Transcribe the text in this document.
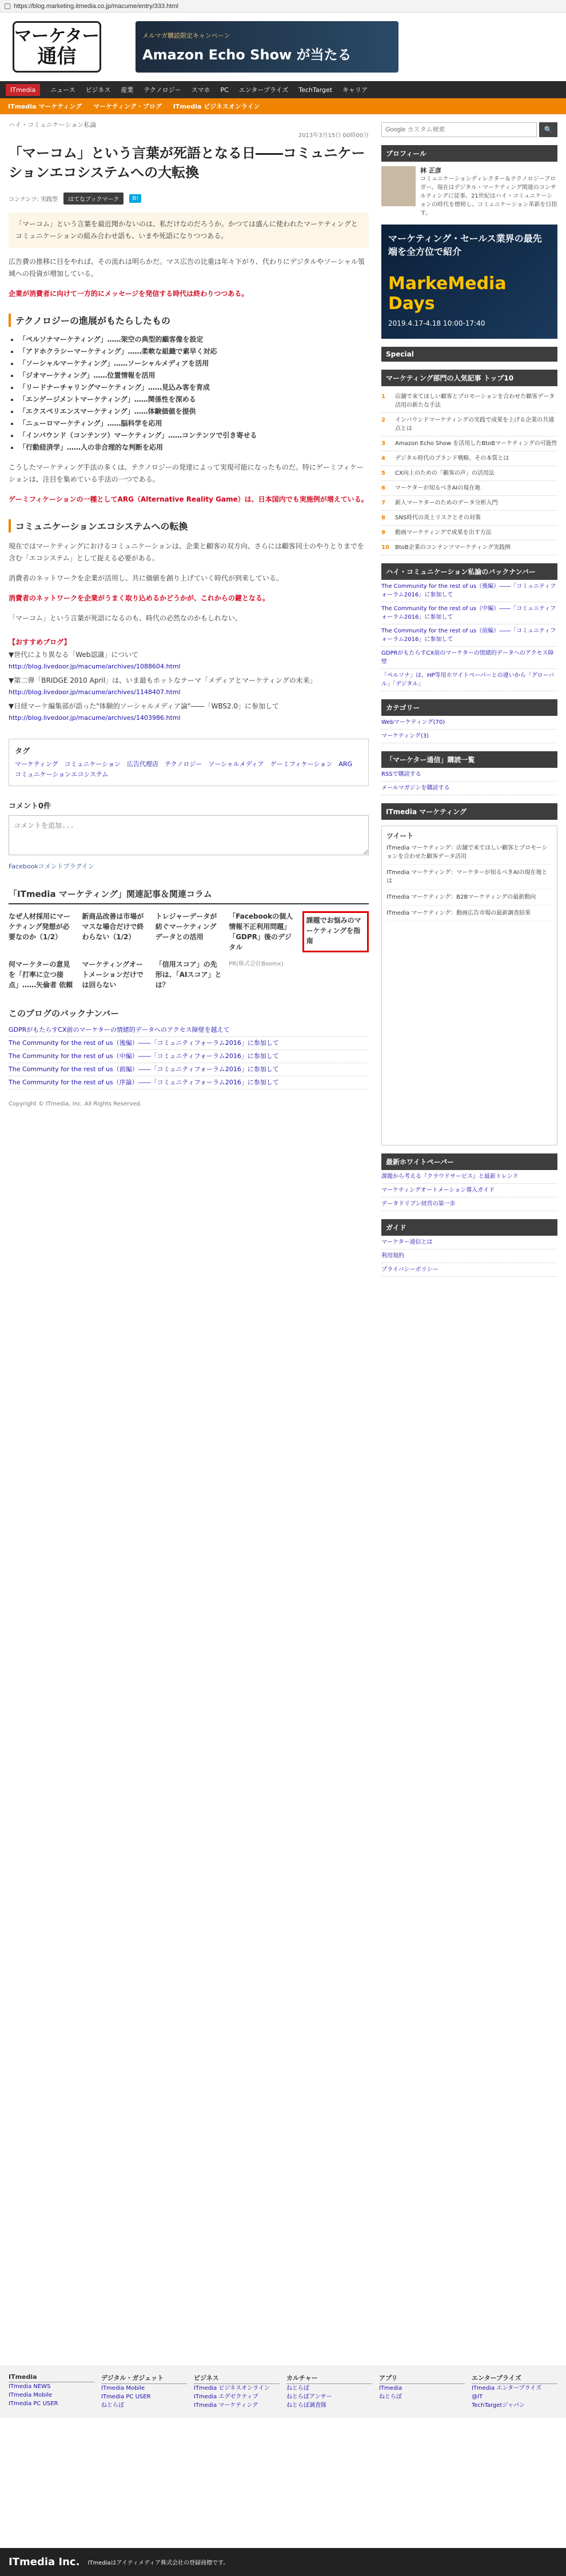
https://blog.marketing.itmedia.co.jp/macume/entry/333.html
マーケター
通信
メルマガ購読限定キャンペーン
Amazon Echo Show が当たる
ITmedia	ニュース ビジネス 産業 テクノロジー スマホ PC エンタープライズ TechTarget キャリア
ITmedia マーケティング マーケティング・ブログ ITmedia ビジネスオンライン
ハイ・コミュニケーション私論
2013年3月15日 00時00分
「マーコム」という言葉が死語となる日――コミュニケーションエコシステムへの大転換
コンテンツ: 実践型	はてなブックマーク	B!

「マーコム」という言葉を最近聞かないのは、私だけなのだろうか。かつては盛んに使われたマーケティングとコミュニケーションの組み合わせ語も、いまや死語になりつつある。

広告費の推移に目をやれば、その流れは明らかだ。マス広告の比重は年々下がり、代わりにデジタルやソーシャル領域への投資が増加している。

企業が消費者に向けて一方的にメッセージを発信する時代は終わりつつある。

テクノロジーの進展がもたらしたもの
• 「ペルソナマーケティング」……架空の典型的顧客像を設定
• 「アドホクラシーマーケティング」……柔軟な組織で素早く対応
• 「ソーシャルマーケティング」……ソーシャルメディアを活用
• 「ジオマーケティング」……位置情報を活用
• 「リードナーチャリングマーケティング」……見込み客を育成
• 「エンゲージメントマーケティング」……関係性を深める
• 「エクスペリエンスマーケティング」……体験価値を提供
• 「ニューロマーケティング」……脳科学を応用
• 「インバウンド（コンテンツ）マーケティング」……コンテンツで引き寄せる
• 「行動経済学」……人の非合理的な判断を応用

こうしたマーケティング手法の多くは、テクノロジーの発達によって実現可能になったものだ。特にゲーミフィケーションは、注目を集めている手法の一つである。

ゲーミフィケーションの一種としてARG（Alternative Reality Game）は、日本国内でも実施例が増えている。

コミュニケーションエコシステムへの転換

現在ではマーケティングにおけるコミュニケーションは、企業と顧客の双方向、さらには顧客同士のやりとりまでを含む「エコシステム」として捉える必要がある。

消費者のネットワークを企業が活用し、共に価値を創り上げていく時代が到来している。

消費者のネットワークを企業がうまく取り込めるかどうかが、これからの鍵となる。

「マーコム」という言葉が死語になるのも、時代の必然なのかもしれない。

【おすすめブログ】
▼世代により異なる「Web認識」について
http://blog.livedoor.jp/macume/archives/1088604.html
▼第二弾「BRIDGE 2010 April」は、いま最もホットなテーマ「メディアとマーケティングの未来」
http://blog.livedoor.jp/macume/archives/1148407.html
▼日経マーケ編集部が語った"体験的ソーシャルメディア論"――「WBS2.0」に参加して
http://blog.livedoor.jp/macume/archives/1403986.html
タグ
マーケティング　コミュニケーション　広告代理店　テクノロジー　ソーシャルメディア　ゲーミフィケーション　ARG　コミュニケーションエコシステム
コメント0件
コメントを追加...
Facebookコメントプラグイン
「ITmedia マーケティング」関連記事＆関連コラム
なぜ人材採用にマーケティング発想が必要なのか（1/2）
新商品改善は市場がマスな場合だけで終わらない（1/2）
トレジャーデータが紡ぐマーケティングデータとの活用
「Facebookの個人情報不正利用問題」「GDPR」後のデジタル
課題でお悩みのマーケティングを指南
何マーケターの意見を「打率に立つ接点」……矢倫者 依頼
マーケティングオートメーションだけでは回らない
「信用スコア」の先形は、「AIスコア」とは？
PR(株式会社Boomx)
このブログのバックナンバー
GDPRがもたらすCX前のマーケターの情緒的データへのアクセス障壁を越えて
The Community for the rest of us（後編）――「コミュニティフォーラム2016」に参加して
The Community for the rest of us（中編）――「コミュニティフォーラム2016」に参加して
The Community for the rest of us（前編）――「コミュニティフォーラム2016」に参加して
The Community for the rest of us（序論）――「コミュニティフォーラム2016」に参加して
Copyright © ITmedia, Inc. All Rights Reserved.
Google カスタム検索
🔍
プロフィール
林 正彦
コミュニケーションディレクター＆テクノロジーブロガー。現在はデジタル・マーケティング関連のコンサルティングに従事。21世紀はハイ・コミュニケーションの時代を標榜し、コミュニケーション革新を目指す。
マーケティング・セールス業界の最先端を全方位で紹介
MarkeMedia Days
2019.4.17-4.18 10:00-17:40
Special
マーケティング部門の人気記事 トップ10
1	店舗で来てほしい顧客とプロモーションを合わせた顧客データ活用の新たな手法
2	インバウンドマーケティングの実践で成果を上げる企業の共通点とは
3	Amazon Echo Show を活用したBtoBマーケティングの可能性
4	デジタル時代のブランド戦略、その本質とは
5	CX向上のための「顧客の声」の活用法
6	マーケターが知るべきAIの現在地
7	新人マーケターのためのデータ分析入門
8	SNS時代の炎上リスクとその対策
9	動画マーケティングで成果を出す方法
10	BtoB企業のコンテンツマーケティング実践例
ハイ・コミュニケーション私論のバックナンバー
The Community for the rest of us（後編）――「コミュニティフォーラム2016」に参加して
The Community for the rest of us（中編）――「コミュニティフォーラム2016」に参加して
The Community for the rest of us（前編）――「コミュニティフォーラム2016」に参加して
GDPRがもたらすCX前のマーケターの情緒的データへのアクセス障壁
「ペルソナ」は、HP等用ホワイトペーパーとの違いから「グローバル」「デジタル」
カテゴリー
Webマーケティング(70)
マーケティング(3)
「マーケター通信」購読一覧
RSSで購読する
メールマガジンを購読する
ITmedia マーケティング
ツイート
ITmedia マーケティング：店舗で来てほしい顧客とプロモーションを合わせた顧客データ活用
ITmedia マーケティング：マーケターが知るべきAIの現在地とは
ITmedia マーケティング：B2Bマーケティングの最新動向
ITmedia マーケティング：動画広告市場の最新調査結果
最新ホワイトペーパー
課題から考える『クラウドサービス』と最新トレンド
マーケティングオートメーション導入ガイド
データドリブン経営の第一歩
ガイド
マーケター通信とは
利用規約
プライバシーポリシー
ITmedia
ITmedia NEWS
ITmedia Mobile
ITmedia PC USER
デジタル・ガジェット
ITmedia Mobile
ITmedia PC USER
ねとらぼ
ビジネス
ITmedia ビジネスオンライン
ITmedia エグゼクティブ
ITmedia マーケティング
カルチャー
ねとらぼ
ねとらぼアンサー
ねとらぼ調査隊
アプリ
ITmedia
ねとらぼ
エンタープライズ
ITmedia エンタープライズ
@IT
TechTargetジャパン
ITmedia Inc. ITmediaはアイティメディア株式会社の登録商標です。
